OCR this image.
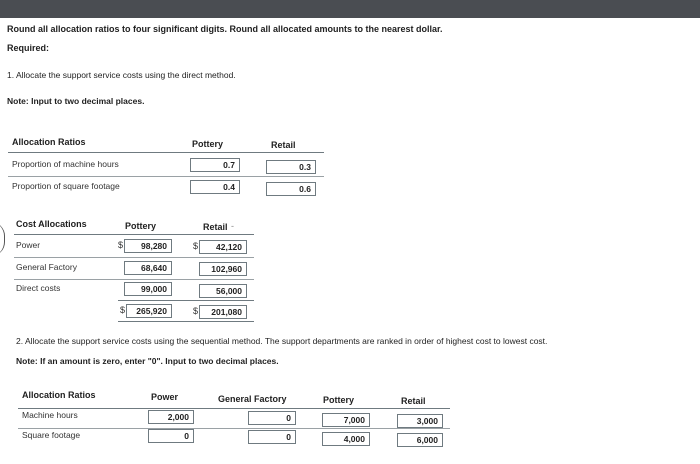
Round all allocation ratios to four significant digits. Round all allocated amounts to the nearest dollar.
Required:
1. Allocate the support service costs using the direct method.
Note: Input to two decimal places.
Allocation Ratios	Pottery	Retail
Proportion of machine hours	0.7	0.3
Proportion of square footage	0.4	0.6
Cost Allocations	Pottery	Retail -
Power	$	98,280	$	42,120
General Factory	68,640	102,960
Direct costs	99,000	56,000
$	265,920	$	201,080
2. Allocate the support service costs using the sequential method. The support departments are ranked in order of highest cost to lowest cost.
Note: If an amount is zero, enter "0". Input to two decimal places.
Allocation Ratios	Power	General Factory	Pottery	Retail
Machine hours	2,000	0	7,000	3,000
Square footage	0	0	4,000	6,000
